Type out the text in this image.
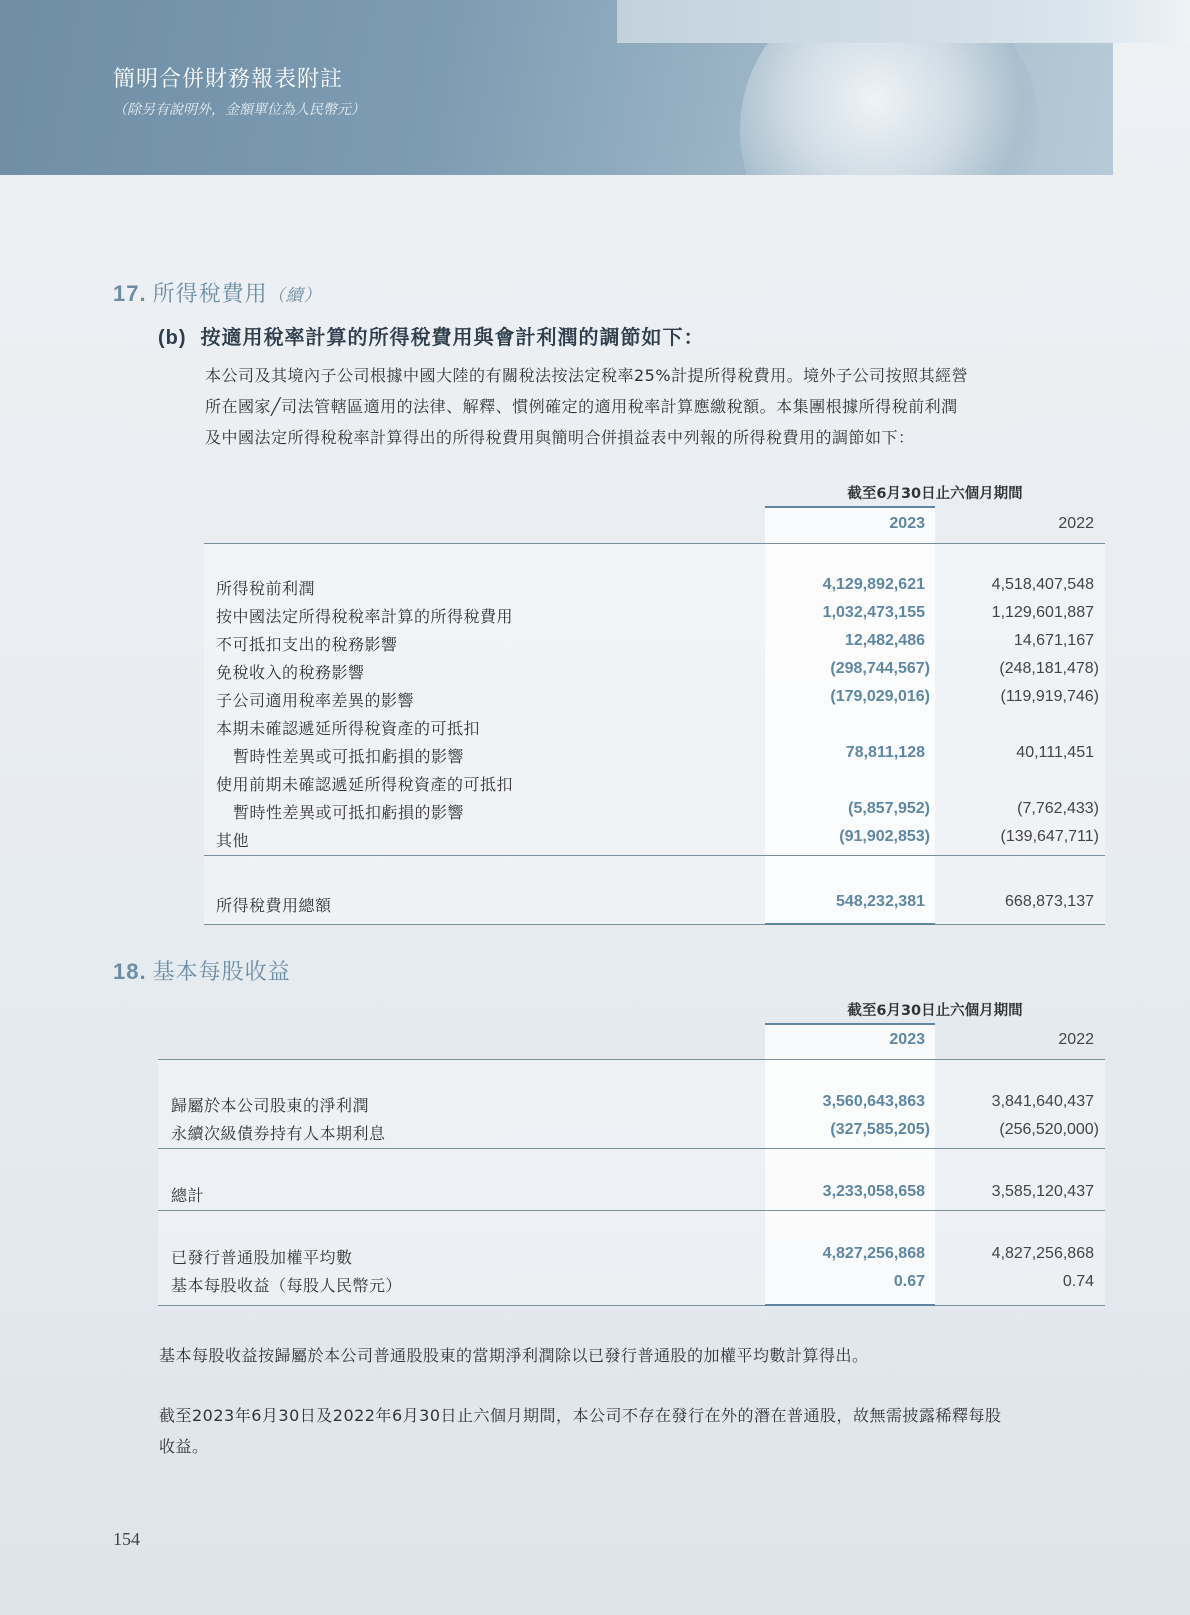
簡明合併財務報表附註
（除另有說明外，金額單位為人民幣元）
17. 所得稅費用（續）
(b) 按適用稅率計算的所得稅費用與會計利潤的調節如下：
本公司及其境內子公司根據中國大陸的有關稅法按法定稅率25%計提所得稅費用。境外子公司按照其經營
所在國家╱司法管轄區適用的法律、解釋、慣例確定的適用稅率計算應繳稅額。本集團根據所得稅前利潤
及中國法定所得稅稅率計算得出的所得稅費用與簡明合併損益表中列報的所得稅費用的調節如下：
截至6月30日止六個月期間
2023	2022
所得稅前利潤	4,129,892,621	4,518,407,548
按中國法定所得稅稅率計算的所得稅費用	1,032,473,155	1,129,601,887
不可抵扣支出的稅務影響	12,482,486	14,671,167
免稅收入的稅務影響	(298,744,567)	(248,181,478)
子公司適用稅率差異的影響	(179,029,016)	(119,919,746)
本期未確認遞延所得稅資產的可抵扣
暫時性差異或可抵扣虧損的影響	78,811,128	40,111,451
使用前期未確認遞延所得稅資產的可抵扣
暫時性差異或可抵扣虧損的影響	(5,857,952)	(7,762,433)
其他	(91,902,853)	(139,647,711)
所得稅費用總額	548,232,381	668,873,137
18. 基本每股收益
截至6月30日止六個月期間
2023	2022
歸屬於本公司股東的淨利潤	3,560,643,863	3,841,640,437
永續次級債券持有人本期利息	(327,585,205)	(256,520,000)
總計	3,233,058,658	3,585,120,437
已發行普通股加權平均數	4,827,256,868	4,827,256,868
基本每股收益（每股人民幣元）	0.67	0.74
基本每股收益按歸屬於本公司普通股股東的當期淨利潤除以已發行普通股的加權平均數計算得出。
截至2023年6月30日及2022年6月30日止六個月期間，本公司不存在發行在外的潛在普通股，故無需披露稀釋每股
收益。
154
